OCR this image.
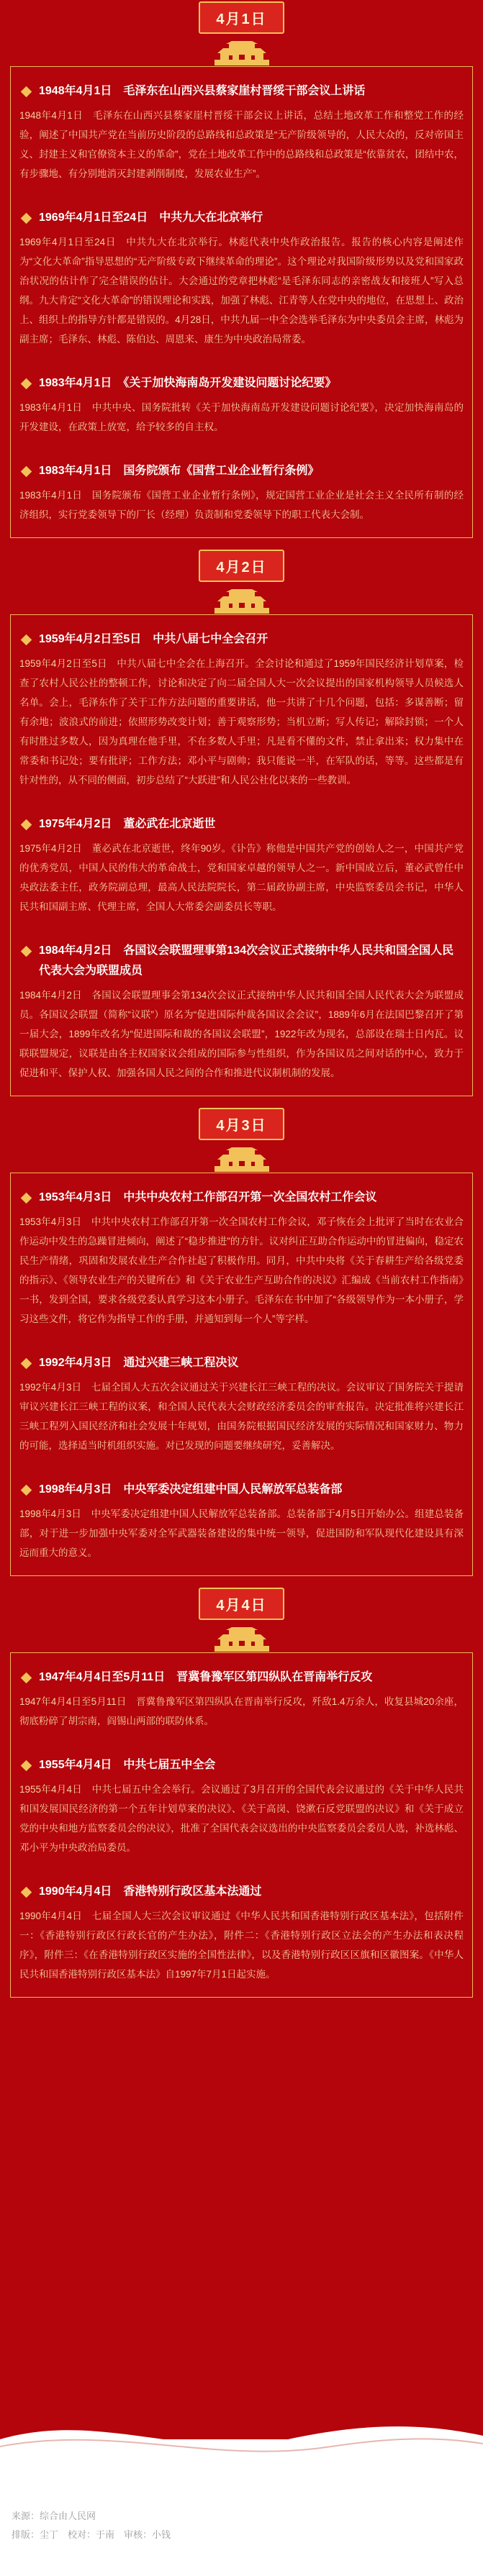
4月1日
1948年4月1日　毛泽东在山西兴县蔡家崖村晋绥干部会议上讲话

1948年4月1日　毛泽东在山西兴县蔡家崖村晋绥干部会议上讲话，总结土地改革工作和整党工作的经验，阐述了中国共产党在当前历史阶段的总路线和总政策是“无产阶级领导的，人民大众的，反对帝国主义、封建主义和官僚资本主义的革命”，党在土地改革工作中的总路线和总政策是“依靠贫农，团结中农，有步骤地、有分别地消灭封建剥削制度，发展农业生产”。

1969年4月1日至24日　中共九大在北京举行

1969年4月1日至24日　中共九大在北京举行。林彪代表中央作政治报告。报告的核心内容是阐述作为“文化大革命”指导思想的“无产阶级专政下继续革命的理论”。这个理论对我国阶级形势以及党和国家政治状况的估计作了完全错误的估计。大会通过的党章把林彪“是毛泽东同志的亲密战友和接班人”写入总纲。九大肯定“文化大革命”的错误理论和实践，加强了林彪、江青等人在党中央的地位，在思想上、政治上、组织上的指导方针都是错误的。4月28日，中共九届一中全会选举毛泽东为中央委员会主席，林彪为副主席；毛泽东、林彪、陈伯达、周恩来、康生为中央政治局常委。

1983年4月1日　《关于加快海南岛开发建设问题讨论纪要》

1983年4月1日　中共中央、国务院批转《关于加快海南岛开发建设问题讨论纪要》，决定加快海南岛的开发建设，在政策上放宽，给予较多的自主权。

1983年4月1日　国务院颁布《国营工业企业暂行条例》

1983年4月1日　国务院颁布《国营工业企业暂行条例》，规定国营工业企业是社会主义全民所有制的经济组织，实行党委领导下的厂长（经理）负责制和党委领导下的职工代表大会制。

4月2日
1959年4月2日至5日　中共八届七中全会召开

1959年4月2日至5日　中共八届七中全会在上海召开。全会讨论和通过了1959年国民经济计划草案，检查了农村人民公社的整顿工作，讨论和决定了向二届全国人大一次会议提出的国家机构领导人员候选人名单。会上，毛泽东作了关于工作方法问题的重要讲话，他一共讲了十几个问题，包括：多谋善断；留有余地；波浪式的前进；依照形势改变计划；善于观察形势；当机立断；写人传记；解除封锁；一个人有时胜过多数人，因为真理在他手里，不在多数人手里；凡是看不懂的文件，禁止拿出来；权力集中在常委和书记处；要有批评；工作方法；邓小平与剧帅；我只能说一半，在军队的话，等等。这些都是有针对性的，从不同的侧面，初步总结了“大跃进”和人民公社化以来的一些教训。

1975年4月2日　董必武在北京逝世

1975年4月2日　董必武在北京逝世，终年90岁。《讣告》称他是中国共产党的创始人之一，中国共产党的优秀党员，中国人民的伟大的革命战士，党和国家卓越的领导人之一。新中国成立后，董必武曾任中央政法委主任，政务院副总理，最高人民法院院长，第二届政协副主席，中央监察委员会书记，中华人民共和国副主席、代理主席，全国人大常委会副委员长等职。

1984年4月2日　各国议会联盟理事第134次会议正式接纳中华人民共和国全国人民代表大会为联盟成员

1984年4月2日　各国议会联盟理事会第134次会议正式接纳中华人民共和国全国人民代表大会为联盟成员。各国议会联盟（简称“议联”）原名为“促进国际仲裁各国议会会议”，1889年6月在法国巴黎召开了第一届大会，1899年改名为“促进国际和裁的各国议会联盟”，1922年改为现名，总部设在瑞士日内瓦。议联联盟规定，议联是由各主权国家议会组成的国际参与性组织，作为各国议员之间对话的中心，致力于促进和平、保护人权、加强各国人民之间的合作和推进代议制机制的发展。

4月3日
1953年4月3日　中共中央农村工作部召开第一次全国农村工作会议

1953年4月3日　中共中央农村工作部召开第一次全国农村工作会议，邓子恢在会上批评了当时在农业合作运动中发生的急躁冒进倾向，阐述了“稳步推进”的方针。议对纠正互助合作运动中的冒进偏向，稳定农民生产情绪，巩固和发展农业生产合作社起了积极作用。同月，中共中央将《关于春耕生产给各级党委的指示》、《领导农业生产的关键所在》和《关于农业生产互助合作的决议》汇编成《当前农村工作指南》一书，发到全国，要求各级党委认真学习这本小册子。毛泽东在书中加了“各级领导作为一本小册子，学习这些文件，将它作为指导工作的手册，并通知到每一个人”等字样。

1992年4月3日　通过兴建三峡工程决议

1992年4月3日　七届全国人大五次会议通过关于兴建长江三峡工程的决议。会议审议了国务院关于提请审议兴建长江三峡工程的议案，和全国人民代表大会财政经济委员会的审查报告。决定批准将兴建长江三峡工程列入国民经济和社会发展十年规划，由国务院根据国民经济发展的实际情况和国家财力、物力的可能，选择适当时机组织实施。对已发现的问题要继续研究，妥善解决。

1998年4月3日　中央军委决定组建中国人民解放军总装备部

1998年4月3日　中央军委决定组建中国人民解放军总装备部。总装备部于4月5日开始办公。组建总装备部，对于进一步加强中央军委对全军武器装备建设的集中统一领导，促进国防和军队现代化建设具有深远而重大的意义。

4月4日
1947年4月4日至5月11日　晋冀鲁豫军区第四纵队在晋南举行反攻

1947年4月4日至5月11日　晋冀鲁豫军区第四纵队在晋南举行反攻，歼敌1.4万余人，收复县城20余座，彻底粉碎了胡宗南，阎锡山两部的联防体系。

1955年4月4日　中共七届五中全会

1955年4月4日　中共七届五中全会举行。会议通过了3月召开的全国代表会议通过的《关于中华人民共和国发展国民经济的第一个五年计划草案的决议》、《关于高岗、饶漱石反党联盟的决议》和《关于成立党的中央和地方监察委员会的决议》，批准了全国代表会议选出的中央监察委员会委员人选，补选林彪、邓小平为中央政治局委员。

1990年4月4日　香港特别行政区基本法通过

1990年4月4日　七届全国人大三次会议审议通过《中华人民共和国香港特别行政区基本法》，包括附件一：《香港特别行政区行政长官的产生办法》，附件二：《香港特别行政区立法会的产生办法和表决程序》，附件三：《在香港特别行政区实施的全国性法律》，以及香港特别行政区区旗和区徽图案。《中华人民共和国香港特别行政区基本法》自1997年7月1日起实施。

来源：综合由人民网
排版：尘丁　校对：于南　审核：小钱
